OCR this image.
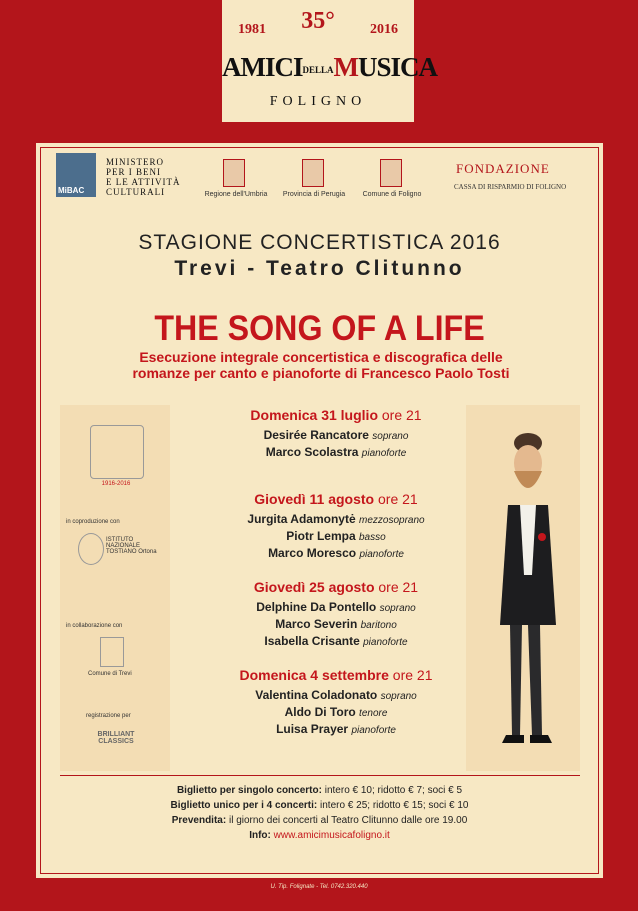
1981	2016
35°
AMICIDELLAMUSICA
FOLIGNO
MiBAC
MINISTERO
PER I BENI
E LE ATTIVITÀ
CULTURALI	Regione dell'Umbria	Provincia di Perugia	Comune di Foligno
FONDAZIONE
CASSA DI RISPARMIO DI FOLIGNO
STAGIONE CONCERTISTICA 2016
Trevi - Teatro Clitunno
THE SONG OF A LIFE
Esecuzione integrale concertistica e discografica delle
romanze per canto e pianoforte di Francesco Paolo Tosti
1916-2016
in coproduzione con
ISTITUTO NAZIONALE TOSTIANO Ortona
in collaborazione con
Comune di Trevi
registrazione per
BRILLIANT CLASSICS
Domenica 31 luglio ore 21
Desirée Rancatore soprano
Marco Scolastra pianoforte
Giovedì 11 agosto ore 21
Jurgita Adamonytė mezzosoprano
Piotr Lempa basso
Marco Moresco pianoforte
Giovedì 25 agosto ore 21
Delphine Da Pontello soprano
Marco Severin baritono
Isabella Crisante pianoforte
Domenica 4 settembre ore 21
Valentina Coladonato soprano
Aldo Di Toro tenore
Luisa Prayer pianoforte
Biglietto per singolo concerto: intero € 10; ridotto € 7; soci € 5
Biglietto unico per i 4 concerti: intero € 25; ridotto € 15; soci € 10
Prevendita: il giorno dei concerti al Teatro Clitunno dalle ore 19.00
Info: www.amicimusicafoligno.it
U. Tip. Folignate - Tel. 0742.320.440
